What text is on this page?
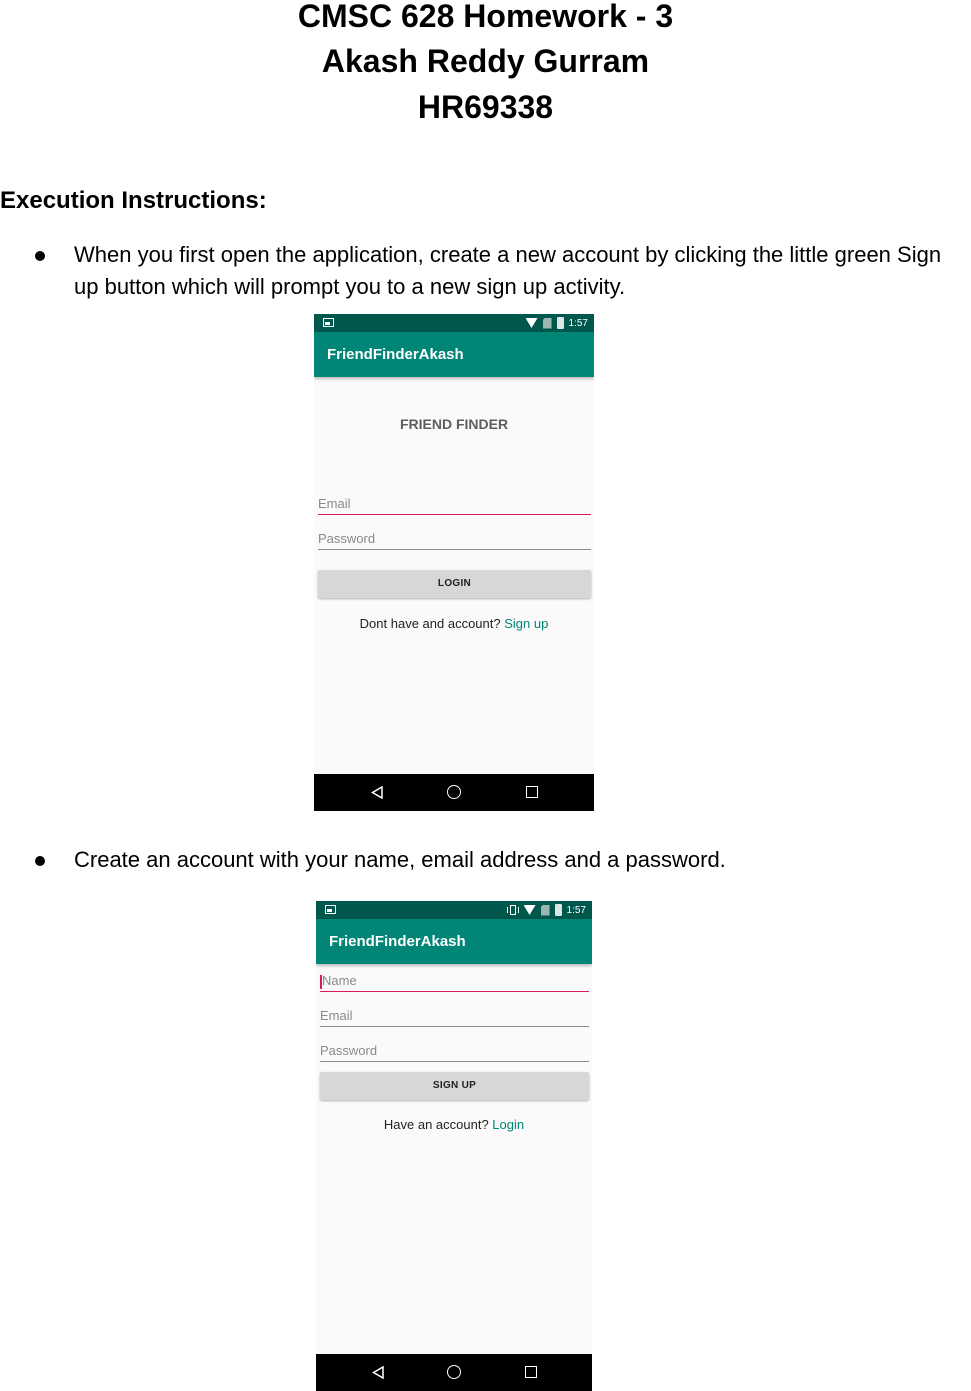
CMSC 628 Homework - 3
Akash Reddy Gurram
HR69338
Execution Instructions:
When you first open the application, create a new account by clicking the little green Sign up button which will prompt you to a new sign up activity.
1:57
FriendFinderAkash
FRIEND FINDER
Email
Password
LOGIN
Dont have and account? Sign up
Create an account with your name, email address and a password.
1:57
FriendFinderAkash
Name
Email
Password
SIGN UP
Have an account? Login
